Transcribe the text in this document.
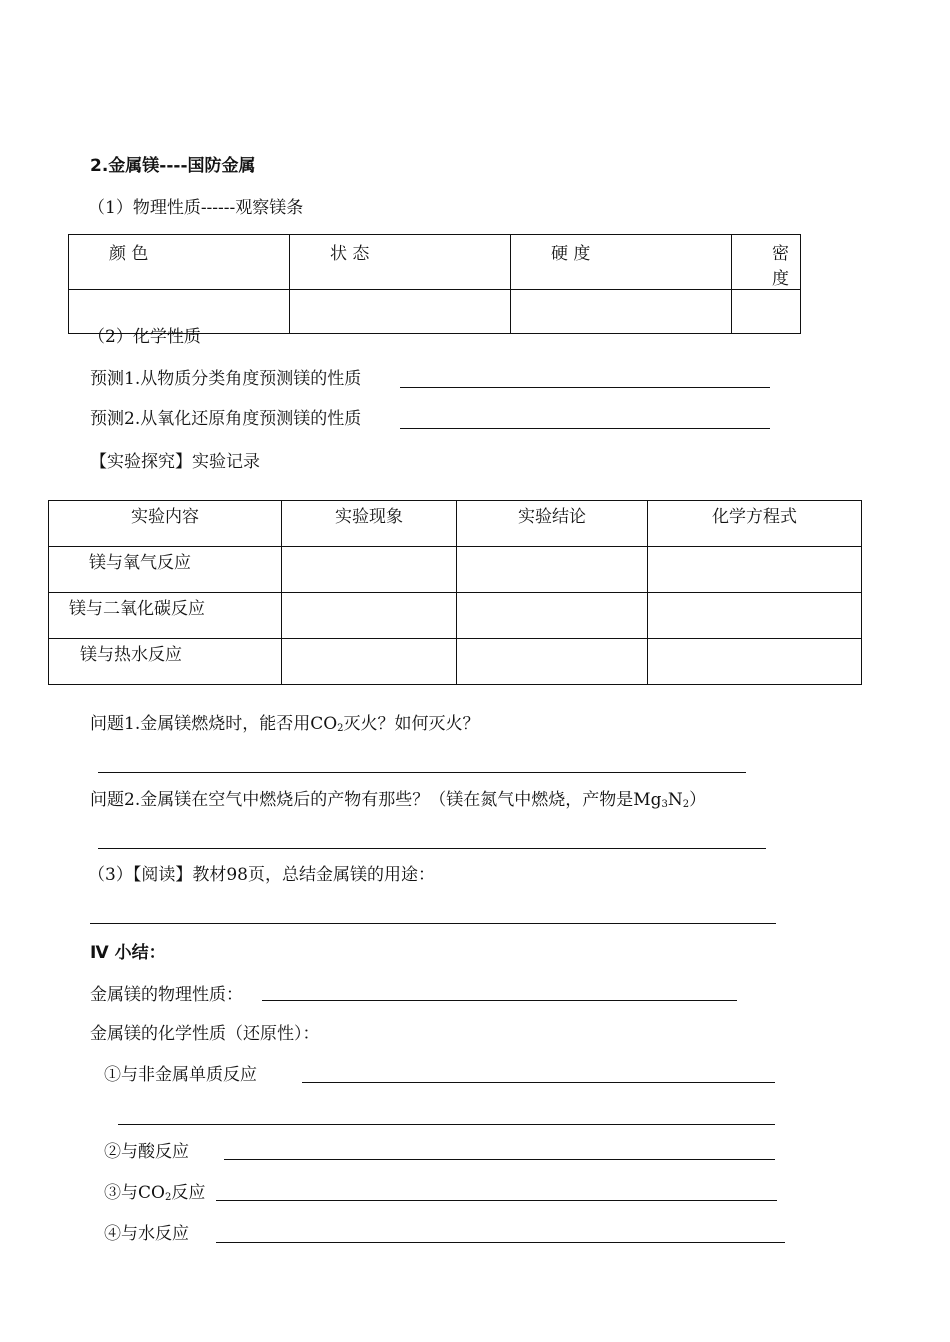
2.金属镁----国防金属
（1）物理性质------观察镁条
颜 色	状 态	硬 度	密 度

（2）化学性质
预测1.从物质分类角度预测镁的性质
预测2.从氧化还原角度预测镁的性质
【实验探究】实验记录
实验内容	实验现象	实验结论	化学方程式

镁与氧气反应			

镁与二氧化碳反应			

镁与热水反应			

问题1.金属镁燃烧时，能否用$CO_2$灭火？如何灭火？
问题2.金属镁在空气中燃烧后的产物有那些？（镁在氮气中燃烧，产物是$Mg_3N_2$）
（3）【阅读】教材98页，总结金属镁的用途：
Ⅳ 小结：
金属镁的物理性质：
金属镁的化学性质（还原性）：
①与非金属单质反应
②与酸反应
③与$CO_2$反应
④与水反应
